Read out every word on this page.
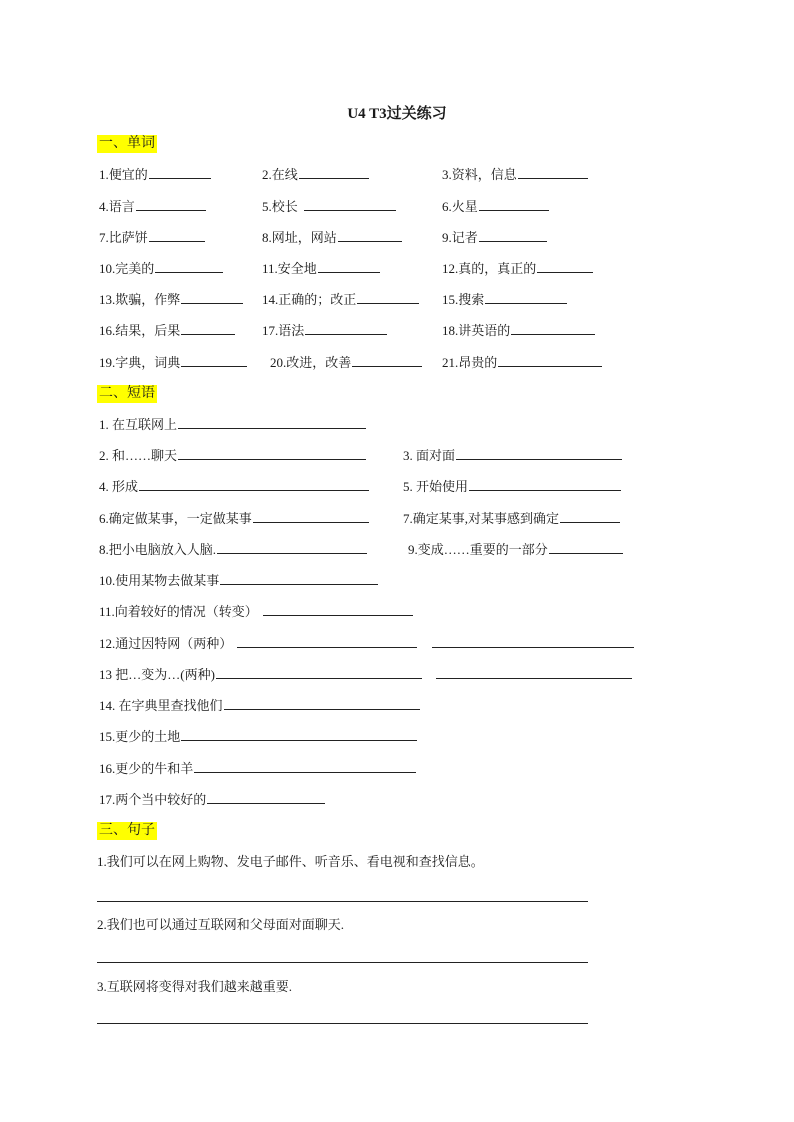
U4 T3过关练习
一、单词
1.便宜的	2.在线	3.资料，信息
4.语言	5.校长	6.火星
7.比萨饼	8.网址，网站	9.记者
10.完美的	11.安全地	12.真的，真正的
13.欺骗，作弊	14.正确的；改正	15.搜索
16.结果，后果	17.语法	18.讲英语的
19.字典，词典	20.改进，改善	21.昂贵的
二、短语
1. 在互联网上
2. 和……聊天	3. 面对面
4. 形成	5. 开始使用
6.确定做某事，一定做某事	7.确定某事,对某事感到确定
8.把小电脑放入人脑.	9.变成……重要的一部分
10.使用某物去做某事
11.向着较好的情况（转变）
12.通过因特网（两种）
13 把…变为…(两种)
14. 在字典里查找他们
15.更少的土地
16.更少的牛和羊
17.两个当中较好的
三、句子
1.我们可以在网上购物、发电子邮件、听音乐、看电视和查找信息。
2.我们也可以通过互联网和父母面对面聊天.
3.互联网将变得对我们越来越重要.
